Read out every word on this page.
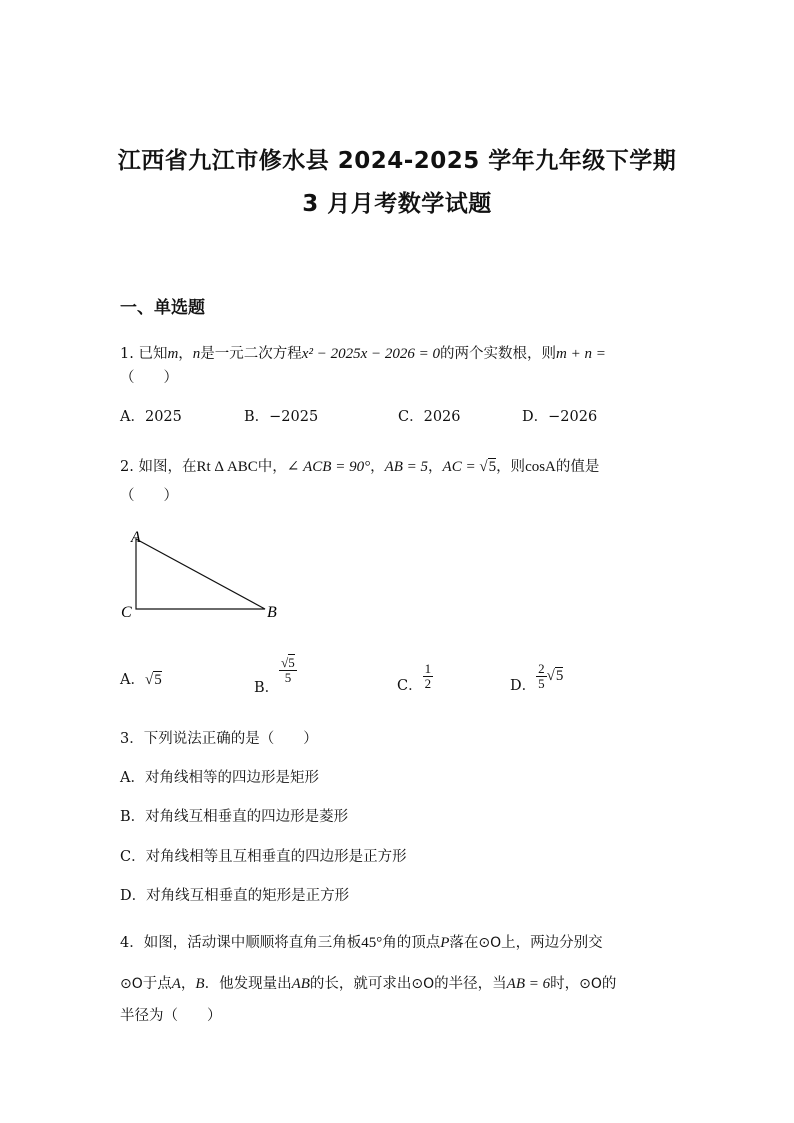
江西省九江市修水县 2024-2025 学年九年级下学期
3 月月考数学试题
一、单选题
1. 已知m，n是一元二次方程x² − 2025x − 2026 = 0的两个实数根，则m + n =
（　　）
A．2025	B．−2025	C．2026	D．−2026
2. 如图，在Rt Δ ABC中，∠ ACB = 90°，AB = 5，AC = √5，则cosA的值是
（　　）
A
C	B
A．√5
B．
$\frac{√5}{5}$
C． $\frac{1}{2}$	D． $\frac{2}{5} √5$
3．下列说法正确的是（　　）
A．对角线相等的四边形是矩形
B．对角线互相垂直的四边形是菱形
C．对角线相等且互相垂直的四边形是正方形
D．对角线互相垂直的矩形是正方形
4．如图，活动课中顺顺将直角三角板45°角的顶点P落在⊙O上，两边分别交
⊙O于点A，B．他发现量出AB的长，就可求出⊙O的半径，当AB = 6时，⊙O的
半径为（　　）
